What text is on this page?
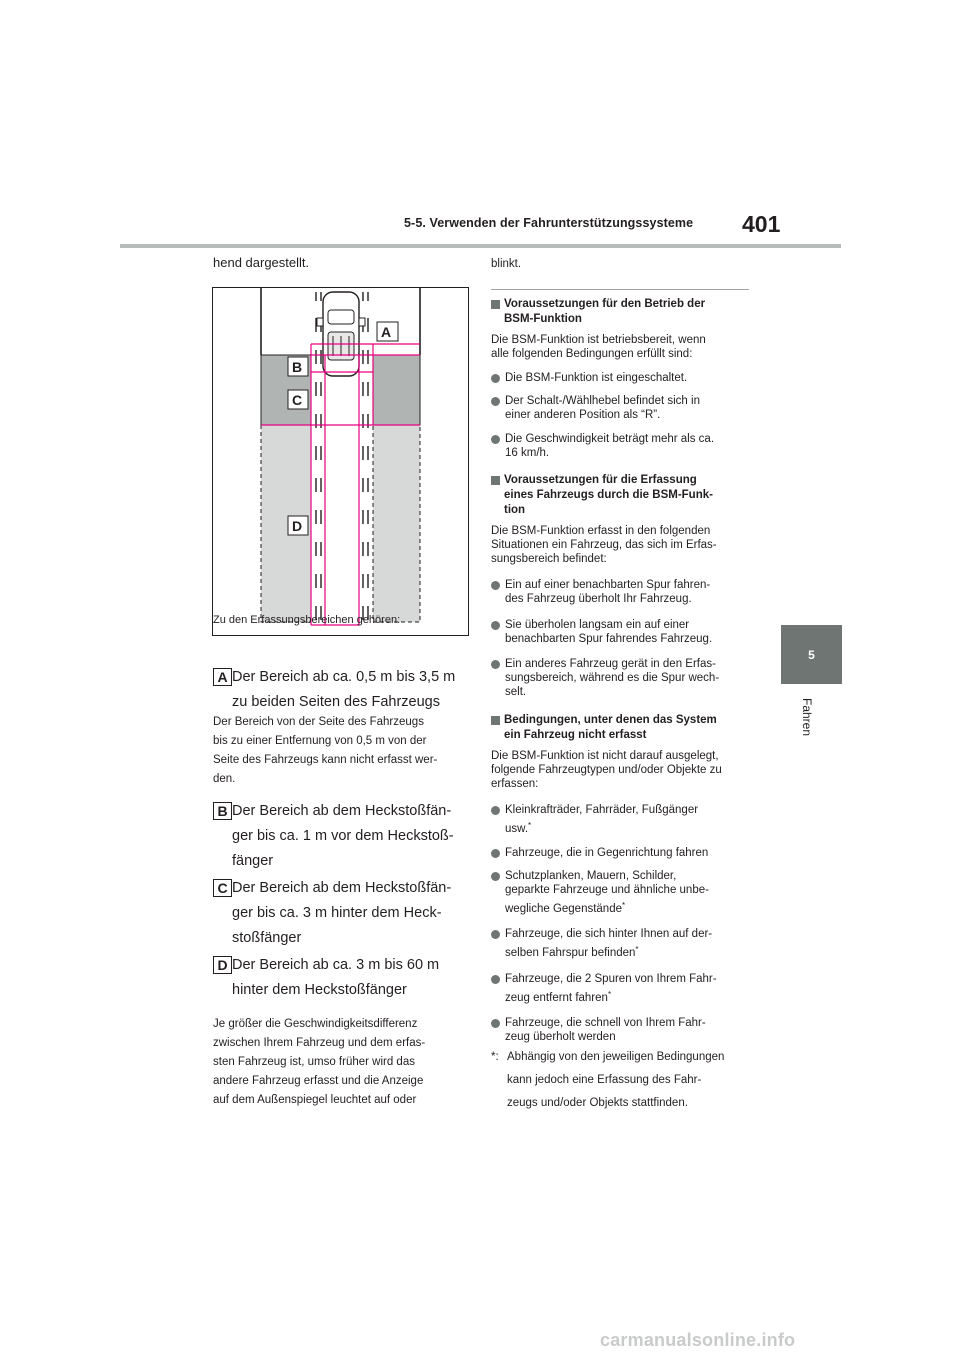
5-5. Verwenden der Fahrunterstützungssysteme 401
5
Fahren
hend dargestellt.
A
B
C
D
Zu den Erfassungsbereichen gehören:
A Der Bereich ab ca. 0,5 m bis 3,5 m
zu beiden Seiten des Fahrzeugs
Der Bereich von der Seite des Fahrzeugs
bis zu einer Entfernung von 0,5 m von der
Seite des Fahrzeugs kann nicht erfasst wer-
den.
B Der Bereich ab dem Heckstoßfän-
ger bis ca. 1 m vor dem Heckstoß-
fänger
C Der Bereich ab dem Heckstoßfän-
ger bis ca. 3 m hinter dem Heck-
stoßfänger
D Der Bereich ab ca. 3 m bis 60 m
hinter dem Heckstoßfänger
Je größer die Geschwindigkeitsdifferenz
zwischen Ihrem Fahrzeug und dem erfas-
sten Fahrzeug ist, umso früher wird das
andere Fahrzeug erfasst und die Anzeige
auf dem Außenspiegel leuchtet auf oder
blinkt.
Voraussetzungen für den Betrieb der
BSM-Funktion
Die BSM-Funktion ist betriebsbereit, wenn
alle folgenden Bedingungen erfüllt sind:
Die BSM-Funktion ist eingeschaltet.
Der Schalt-/Wählhebel befindet sich in
einer anderen Position als “R”.
Die Geschwindigkeit beträgt mehr als ca.
16 km/h.
Voraussetzungen für die Erfassung
eines Fahrzeugs durch die BSM-Funk-
tion
Die BSM-Funktion erfasst in den folgenden
Situationen ein Fahrzeug, das sich im Erfas-
sungsbereich befindet:
Ein auf einer benachbarten Spur fahren-
des Fahrzeug überholt Ihr Fahrzeug.
Sie überholen langsam ein auf einer
benachbarten Spur fahrendes Fahrzeug.
Ein anderes Fahrzeug gerät in den Erfas-
sungsbereich, während es die Spur wech-
selt.
Bedingungen, unter denen das System
ein Fahrzeug nicht erfasst
Die BSM-Funktion ist nicht darauf ausgelegt,
folgende Fahrzeugtypen und/oder Objekte zu
erfassen:
Kleinkrafträder, Fahrräder, Fußgänger
usw.*
Fahrzeuge, die in Gegenrichtung fahren
Schutzplanken, Mauern, Schilder,
geparkte Fahrzeuge und ähnliche unbe-
wegliche Gegenstände*
Fahrzeuge, die sich hinter Ihnen auf der-
selben Fahrspur befinden*
Fahrzeuge, die 2 Spuren von Ihrem Fahr-
zeug entfernt fahren*
Fahrzeuge, die schnell von Ihrem Fahr-
zeug überholt werden
*: Abhängig von den jeweiligen Bedingungen
kann jedoch eine Erfassung des Fahr-
zeugs und/oder Objekts stattfinden.
carmanualsonline.info
